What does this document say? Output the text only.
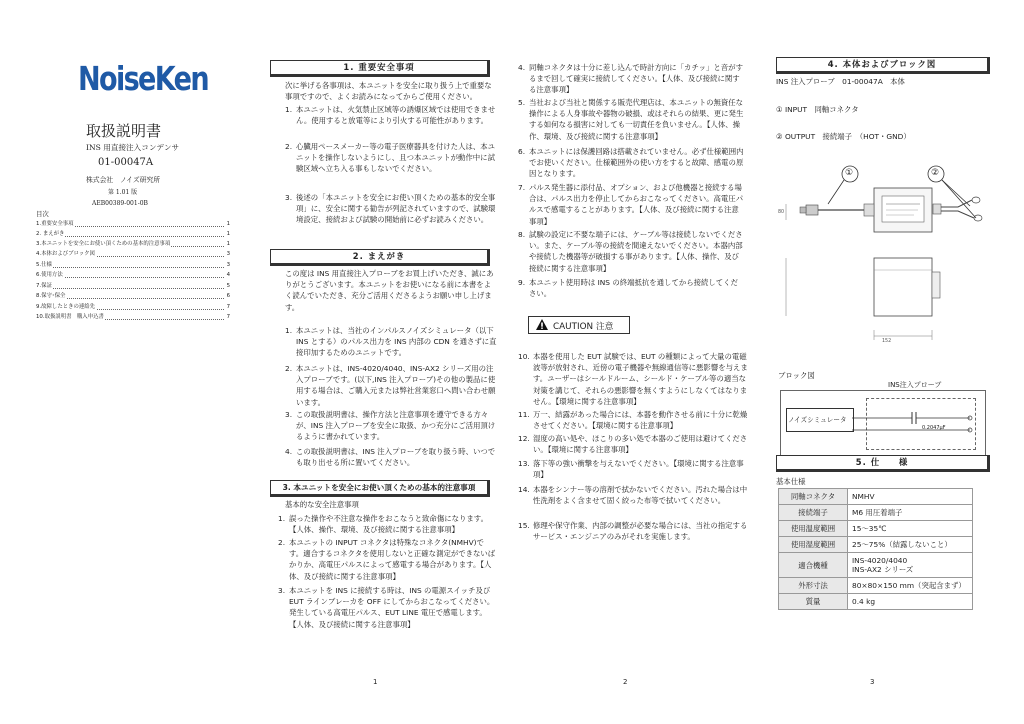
NoiseKen
取扱説明書
INS 用直接注入コンデンサ
01-00047A
株式会社　ノイズ研究所
第 1.01 版
AEB00389-001-0B
目次
1.重要安全事項	1
2. まえがき	1
3.本ユニットを安全にお使い頂くための基本的注意事項	1
4.本体およびブロック図	3
5.仕様	3
6.使用方法	4
7.保証	5
8.保守･保全	6
9.故障したときの連絡先	7
10.取扱説明書　購入申込書	7
1
1. 重要安全事項
次に挙げる各事項は、本ユニットを安全に取り扱う上で重要な事項ですので、よくお読みになってからご使用ください。
1. 本ユニットは、火気禁止区域等の誘爆区域では使用できません。使用すると放電等により引火する可能性があります。
2. 心臓用ペースメーカー等の電子医療器具を付けた人は、本ユニットを操作しないようにし、且つ本ユニットが動作中に試験区域へ立ち入る事もしないでください。
3. 後述の「本ユニットを安全にお使い頂くための基本的安全事項」に、安全に関する勧告が列記されていますので、試験環境設定、接続および試験の開始前に必ずお読みください。
2. まえがき
この度は INS 用直接注入プローブをお買上げいただき、誠にありがとうございます。本ユニットをお使いになる前に本書をよく読んでいただき、充分ご活用くださるようお願い申し上げます。
1. 本ユニットは、当社のインパルスノイズシミュレータ（以下 INS とする）のパルス出力を INS 内部の CDN を通さずに直接印加するためのユニットです。
2. 本ユニットは、INS-4020/4040、INS-AX2 シリーズ用の注入プローブです。(以下,INS 注入プローブ)その他の製品に使用する場合は、ご購入元または弊社営業窓口へ問い合わせ願います。
3. この取扱説明書は、操作方法と注意事項を遵守できる方々が、INS 注入プローブを安全に取扱、かつ充分にご活用頂けるように書かれています。
4. この取扱説明書は、INS 注入プローブを取り扱う時、いつでも取り出せる所に置いてください。
3. 本ユニットを安全にお使い頂くための基本的注意事項
基本的な安全注意事項
1. 誤った操作や不注意な操作をおこなうと致命傷になります。【人体、操作、環境、及び接続に関する注意事項】
2. 本ユニットの INPUT コネクタは特殊なコネクタ(NMHV)です。適合するコネクタを使用しないと正確な測定ができないばかりか、高電圧パルスによって感電する場合があります。【人体、及び接続に関する注意事項】
3. 本ユニットを INS に接続する時は、INS の電源スイッチ及び EUT ラインブレーカを OFF にしてからおこなってください。発生している高電圧パルス、EUT LINE 電圧で感電します。【人体、及び接続に関する注意事項】
2
4. 同軸コネクタは十分に差し込んで時計方向に「カチッ」と音がするまで回して確実に接続してください。【人体、及び接続に関する注意事項】
5. 当社および当社と関係する販売代理店は、本ユニットの無資任な操作による人身事故や器物の破損、或はそれらの結果、更に発生する如何なる損害に対しても一切責任を負いません。【人体、操作、環境、及び接続に関する注意事項】
6. 本ユニットには保護回路は搭載されていません。必ず仕様範囲内でお使いください。仕様範囲外の使い方をすると故障、感電の原因となります。
7. パルス発生器に添付品、オプション、および他機器と接続する場合は、パルス出力を停止してからおこなってください。高電圧パルスで感電することがあります。【人体、及び接続に関する注意事項】
8. 試験の設定に不要な端子には、ケーブル等は接続しないでください。また、ケーブル等の接続を間違えないでください。本器内部や接続した機器等が破損する事があります。【人体、操作、及び接続に関する注意事項】
9. 本ユニット使用時は INS の終端抵抗を通してから接続してください。
CAUTION 注意
10. 本器を使用した EUT 試験では、EUT の種類によって大量の電磁波等が放射され、近傍の電子機器や無線通信等に悪影響を与えます。ユーザーはシールドルーム、シールド・ケーブル等の適当な対策を講じて、それらの悪影響を無くすようにしなくてはなりません。【環境に関する注意事項】
11. 万一、結露があった場合には、本器を動作させる前に十分に乾燥させてください。【環境に関する注意事項】
12. 湿度の高い処や、ほこりの多い処で本器のご使用は避けてください。【環境に関する注意事項】
13. 落下等の強い衝撃を与えないでください。【環境に関する注意事項】
14. 本器をシンナー等の溶剤で拭かないでください。汚れた場合は中性洗剤をよく含ませて固く絞った布等で拭いてください。
15. 修理や保守作業、内部の調整が必要な場合には、当社の指定するサービス・エンジニアのみがそれを実施します。
4. 本体およびブロック図
INS 注入プローブ　01-00047A　本体
① INPUT　同軸コネクタ
② OUTPUT　接続端子　（HOT・GND）
①	②
80
152
ブロック図
INS注入プローブ
ノイズシミュレータ
0.2047μF
5. 仕　　様
基本仕様
同軸コネクタ	NMHV
接続端子	M6 用圧着端子
使用温度範囲	15～35℃
使用湿度範囲	25～75%（結露しないこと）
適合機種	INS-4020/4040
INS-AX2 シリーズ
外形寸法	80×80×150 mm（突起含まず）
質量	0.4 kg
3
